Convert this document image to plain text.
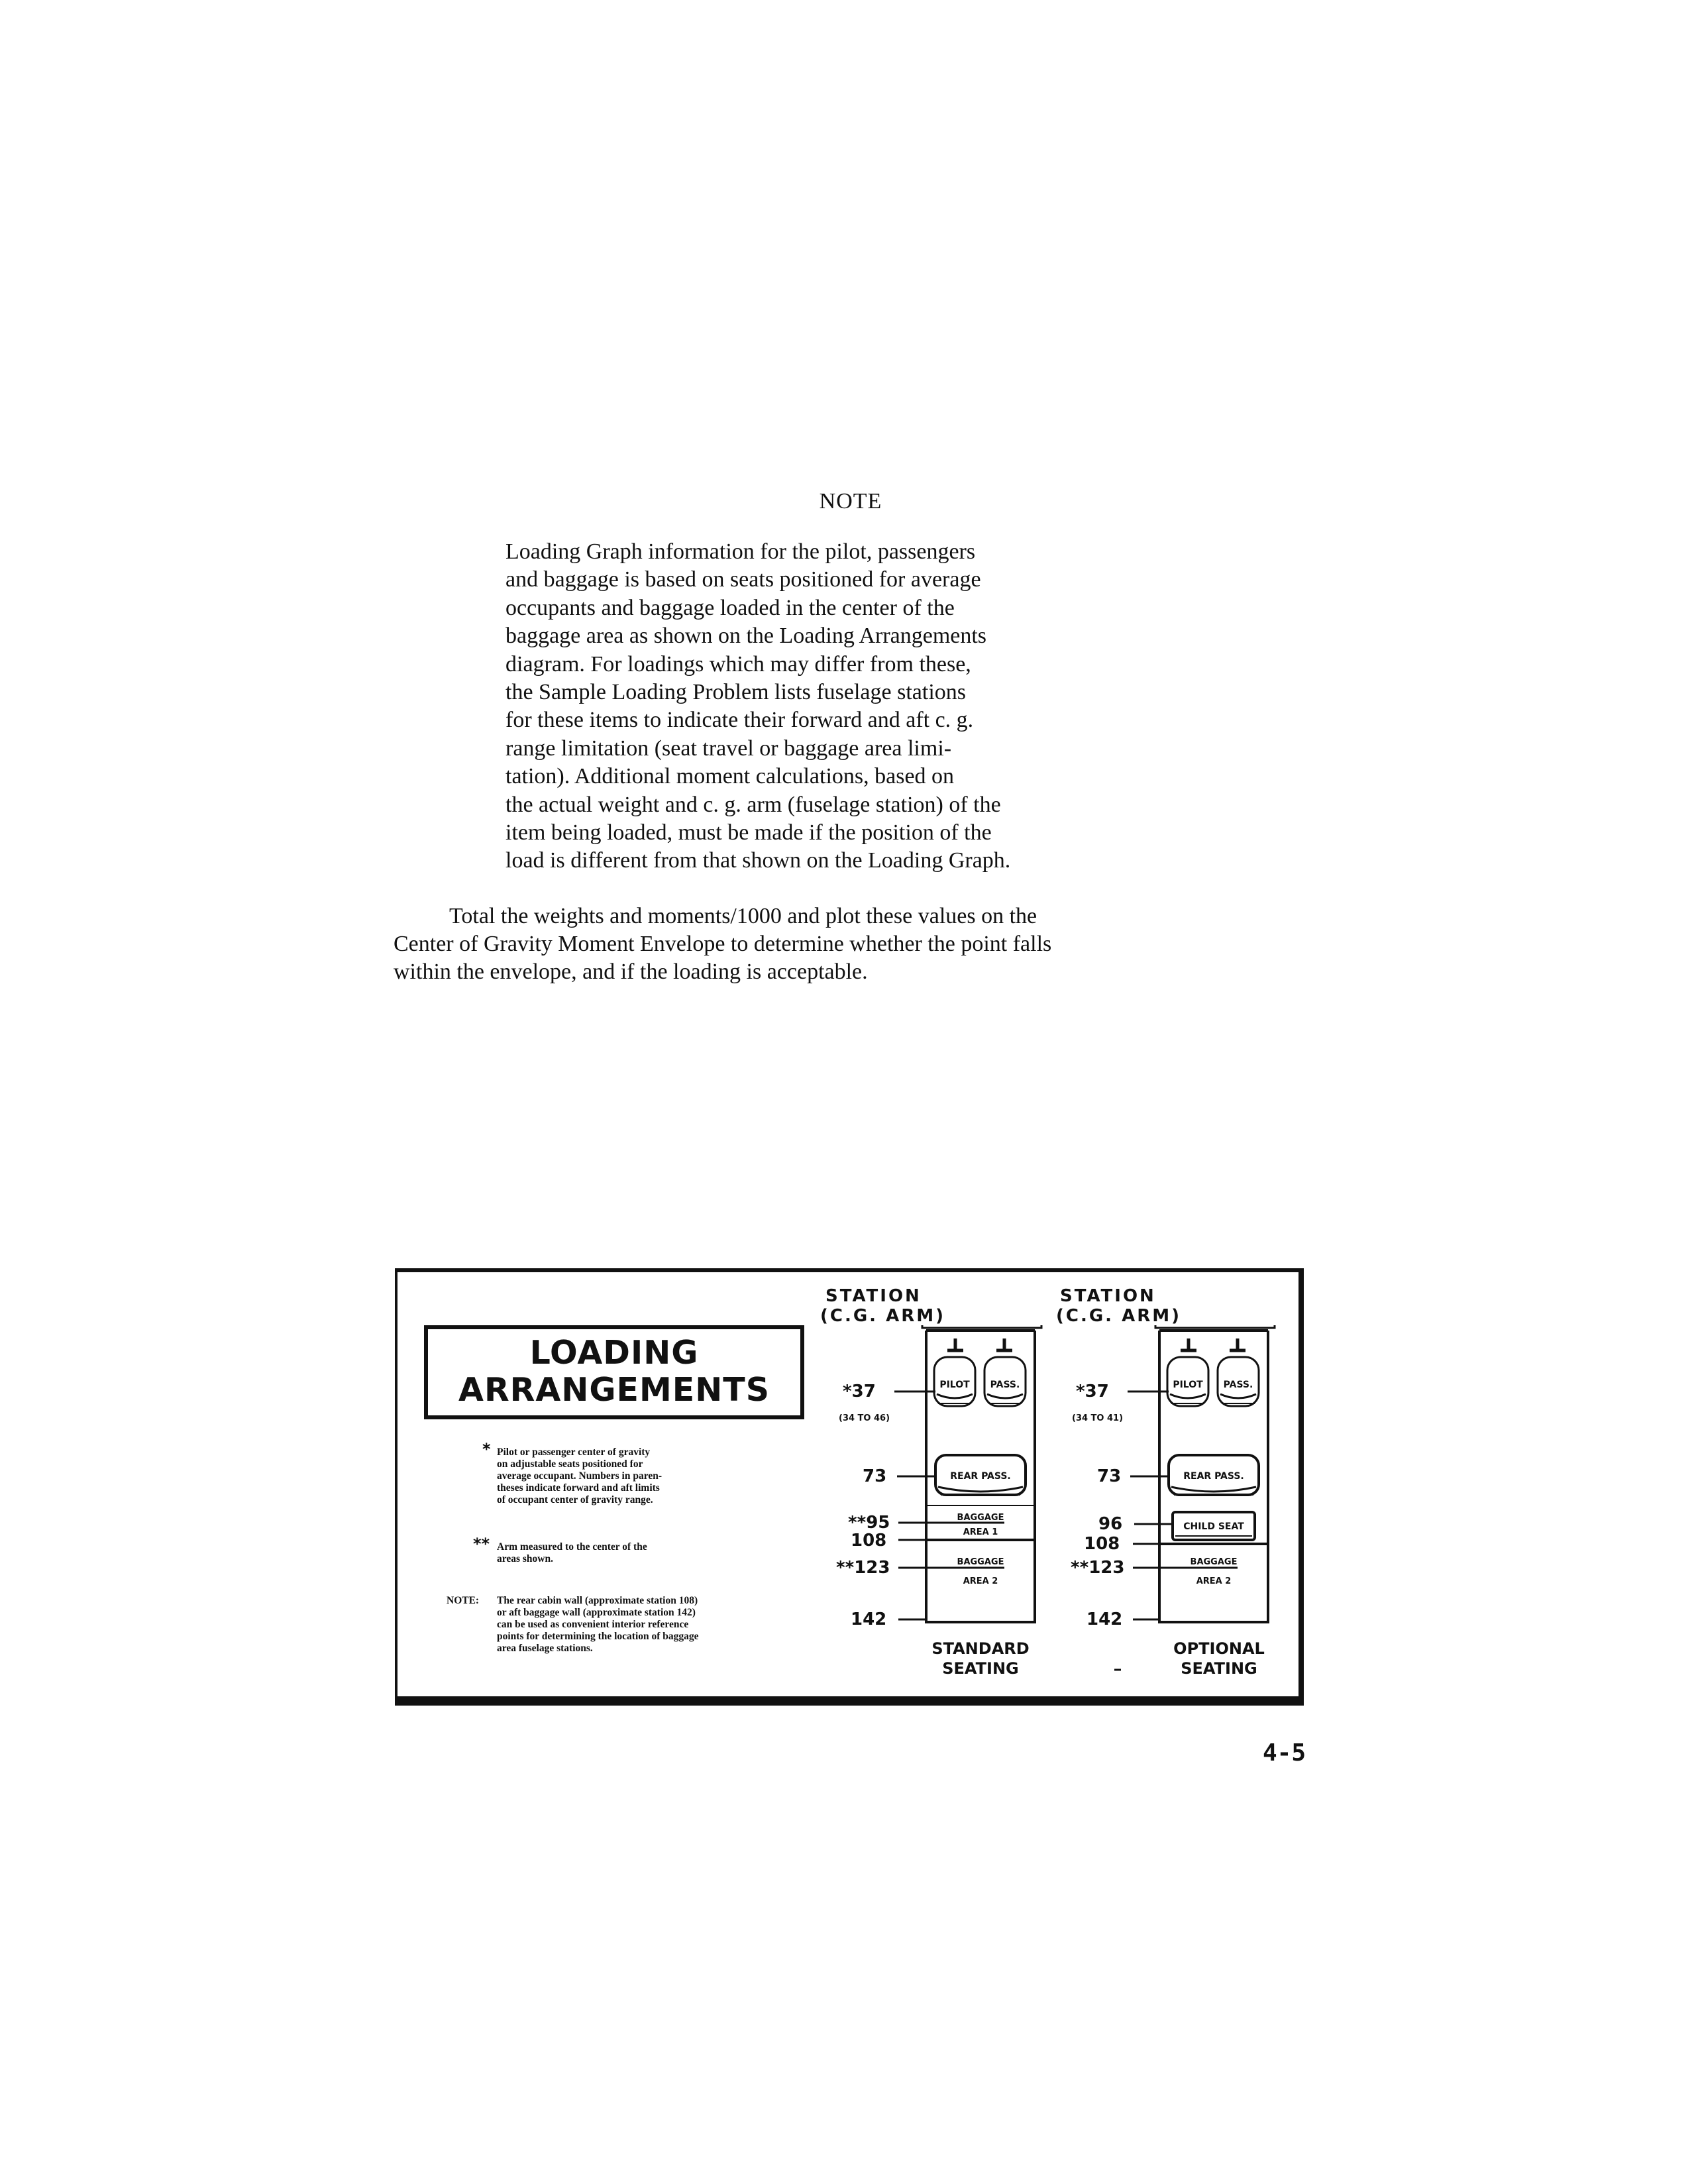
NOTE
Loading Graph information for the pilot, passengers
and baggage is based on seats positioned for average
occupants and baggage loaded in the center of the
baggage area as shown on the Loading Arrangements
diagram. For loadings which may differ from these,
the Sample Loading Problem lists fuselage stations
for these items to indicate their forward and aft c. g.
range limitation (seat travel or baggage area limi-
tation). Additional moment calculations, based on
the actual weight and c. g. arm (fuselage station) of the
item being loaded, must be made if the position of the
load is different from that shown on the Loading Graph.
Total the weights and moments/1000 and plot these values on the
Center of Gravity Moment Envelope to determine whether the point falls
within the envelope, and if the loading is acceptable.
LOADING
ARRANGEMENTS
* Pilot or passenger center of gravity
on adjustable seats positioned for
average occupant. Numbers in paren-
theses indicate forward and aft limits
of occupant center of gravity range.
** Arm measured to the center of the
areas shown.
NOTE: The rear cabin wall (approximate station 108)
or aft baggage wall (approximate station 142)
can be used as convenient interior reference
points for determining the location of baggage
area fuselage stations.
STATION
(C.G. ARM)
*37
(34 TO 46)
73
**95
108
**123
142
PILOT PASS.
REAR PASS.
BAGGAGE
AREA 1
BAGGAGE
AREA 2
STANDARD
SEATING
STATION
(C.G. ARM)
*37
(34 TO 41)
73
96
108
**123
142
PILOT PASS.
REAR PASS.
CHILD SEAT
BAGGAGE
AREA 2
OPTIONAL
SEATING
4-5
